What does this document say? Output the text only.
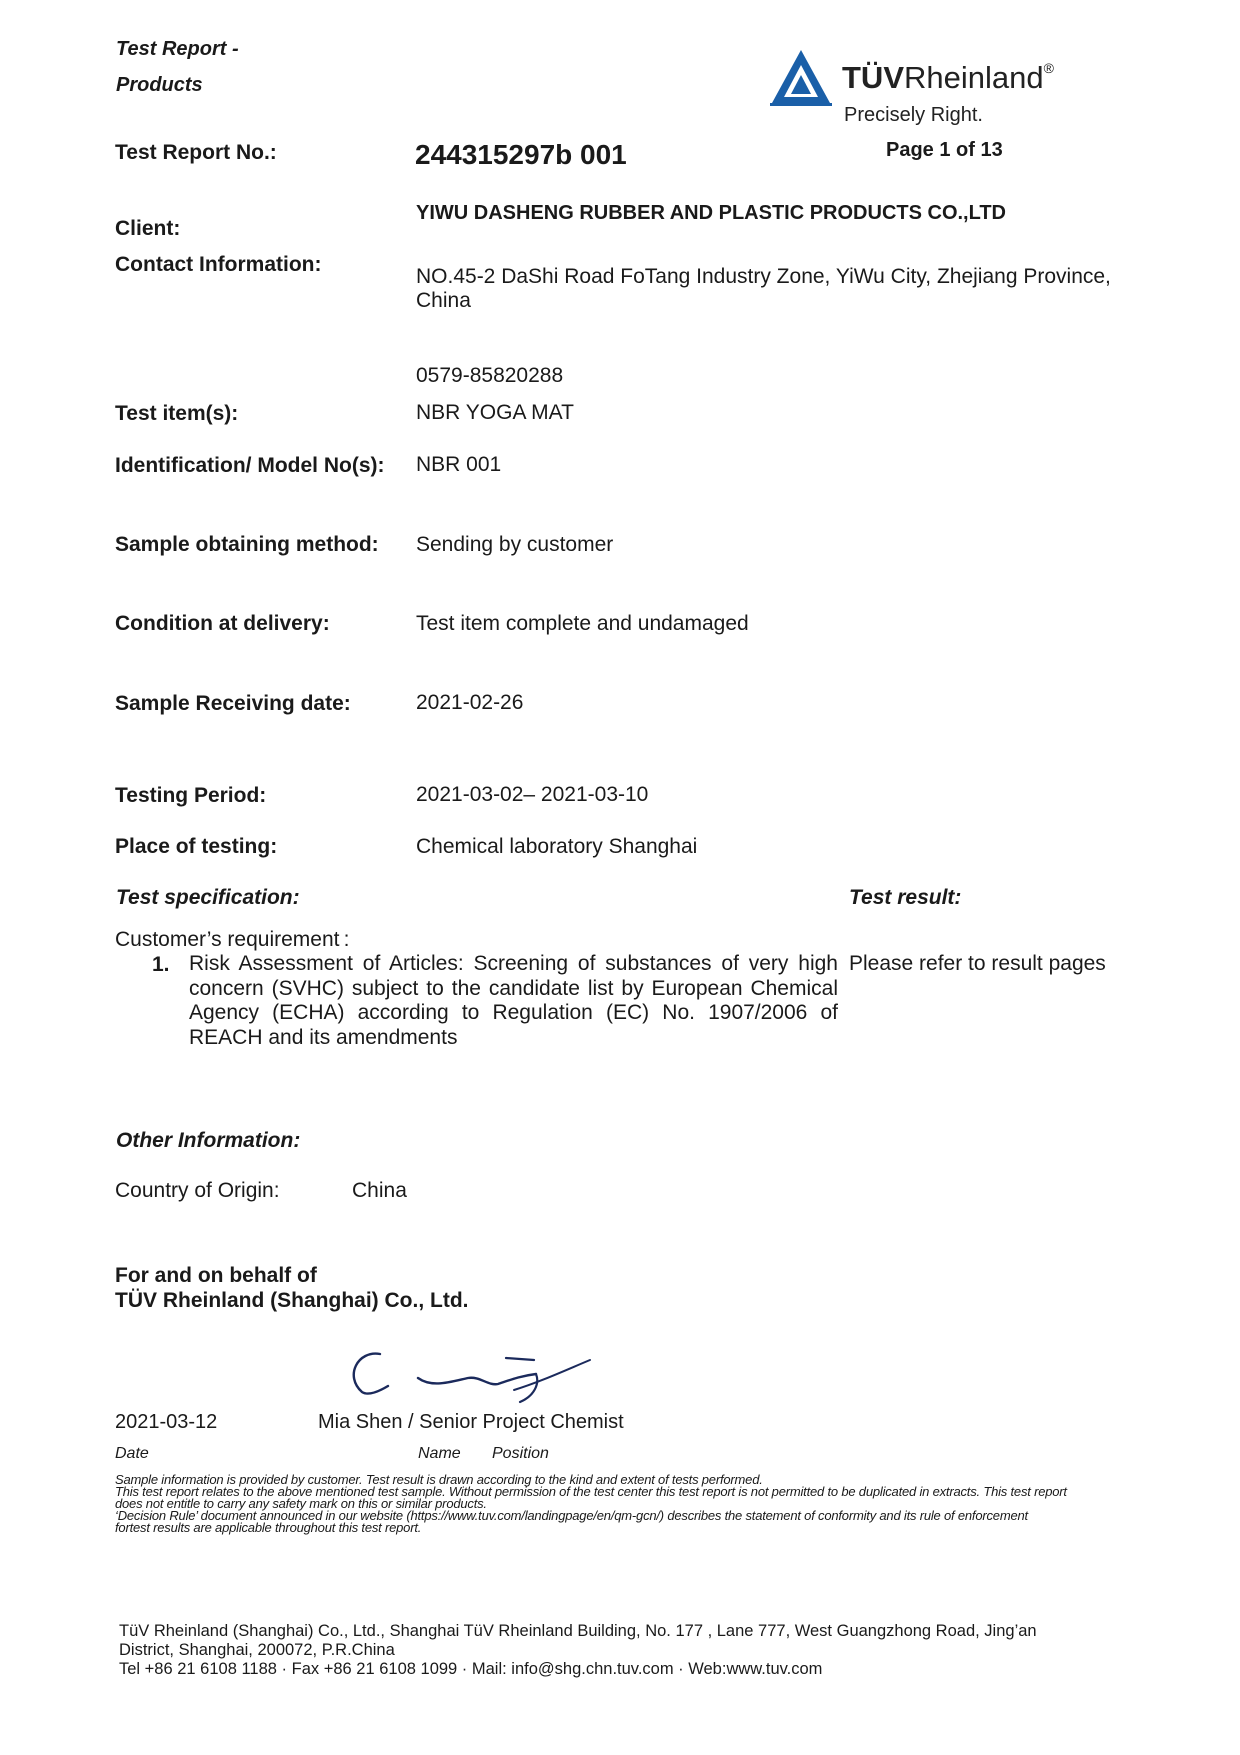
Test Report -
Products	TÜVRheinland®
Precisely Right.
Test Report No.:	244315297b 001	Page 1 of 13
Client:
YIWU DASHENG RUBBER AND PLASTIC PRODUCTS CO.,LTD
Contact Information:
NO.45-2 DaShi Road FoTang Industry Zone, YiWu City, Zhejiang Province,
China
0579-85820288
Test item(s):	NBR YOGA MAT
Identification/ Model No(s): NBR 001
Sample obtaining method: Sending by customer
Condition at delivery:	Test item complete and undamaged
Sample Receiving date:	2021-02-26
Testing Period:	2021-03-02– 2021-03-10
Place of testing:	Chemical laboratory Shanghai
Test specification:	Test result:
Customer’s requirement :
1. Risk Assessment of Articles: Screening of substances of very high concern (SVHC) subject to the candidate list by European Chemical Agency (ECHA) according to Regulation (EC) No. 1907/2006 of REACH and its amendments
Please refer to result pages
Other Information:
Country of Origin:	China
For and on behalf of
TÜV Rheinland (Shanghai) Co., Ltd.
2021-03-12	Mia Shen / Senior Project Chemist
Date	Name Position
Sample information is provided by customer. Test result is drawn according to the kind and extent of tests performed.
This test report relates to the above mentioned test sample. Without permission of the test center this test report is not permitted to be duplicated in extracts. This test report
does not entitle to carry any safety mark on this or similar products.
‘Decision Rule’ document announced in our website (https://www.tuv.com/landingpage/en/qm-gcn/) describes the statement of conformity and its rule of enforcement
fortest results are applicable throughout this test report.
TüV Rheinland (Shanghai) Co., Ltd., Shanghai TüV Rheinland Building, No. 177 , Lane 777, West Guangzhong Road, Jing’an
District, Shanghai, 200072, P.R.China
Tel +86 21 6108 1188 · Fax +86 21 6108 1099 · Mail: info@shg.chn.tuv.com · Web:www.tuv.com
